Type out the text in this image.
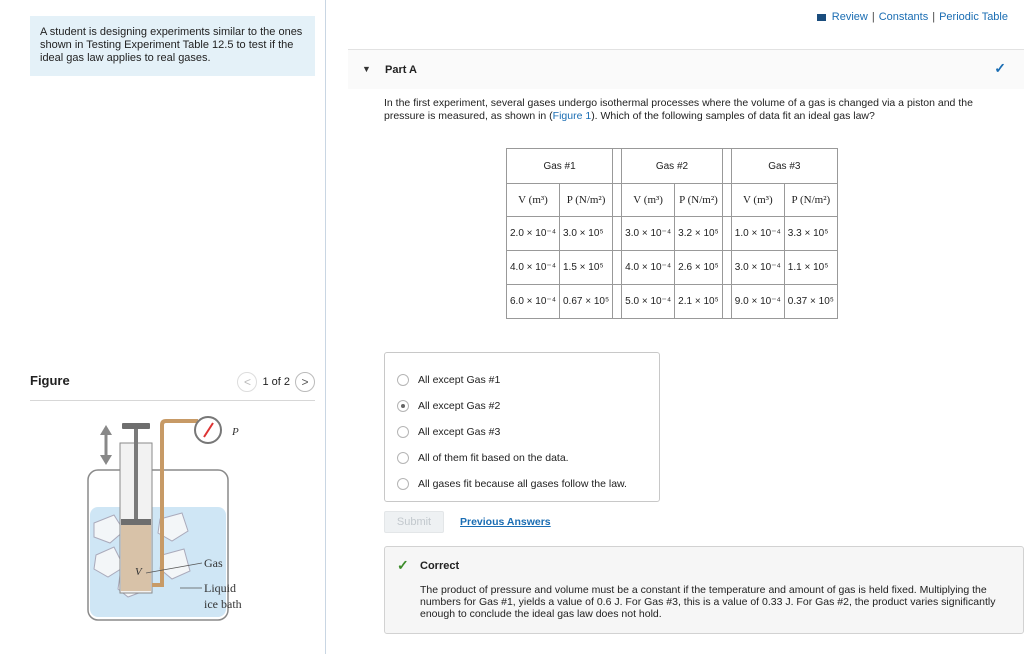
A student is designing experiments similar to the ones shown in Testing Experiment Table 12.5 to test if the ideal gas law applies to real gases.
Figure	<	1 of 2 >
P
V
Gas
Liquid
ice bath
Review | Constants | Periodic Table
▼ Part A	✓
In the first experiment, several gases undergo isothermal processes where the volume of a gas is changed via a piston and the pressure is measured, as shown in (Figure 1). Which of the following samples of data fit an ideal gas law?
Gas #1			Gas #2			Gas #3	
V (m³)	P (N/m²)		V (m³)	P (N/m²)		V (m³)	P (N/m²)
2.0 × 10⁻⁴	3.0 × 10⁵		3.0 × 10⁻⁴	3.2 × 10⁵		1.0 × 10⁻⁴	3.3 × 10⁵
4.0 × 10⁻⁴	1.5 × 10⁵		4.0 × 10⁻⁴	2.6 × 10⁵		3.0 × 10⁻⁴	1.1 × 10⁵
6.0 × 10⁻⁴	0.67 × 10⁵		5.0 × 10⁻⁴	2.1 × 10⁵		9.0 × 10⁻⁴	0.37 × 10⁵
All except Gas #1
All except Gas #2
All except Gas #3
All of them fit based on the data.
All gases fit because all gases follow the law.
Submit	Previous Answers
✓ Correct
The product of pressure and volume must be a constant if the temperature and amount of gas is held fixed. Multiplying the numbers for Gas #1, yields a value of 0.6 J. For Gas #3, this is a value of 0.33 J. For Gas #2, the product varies significantly enough to conclude the ideal gas law does not hold.
